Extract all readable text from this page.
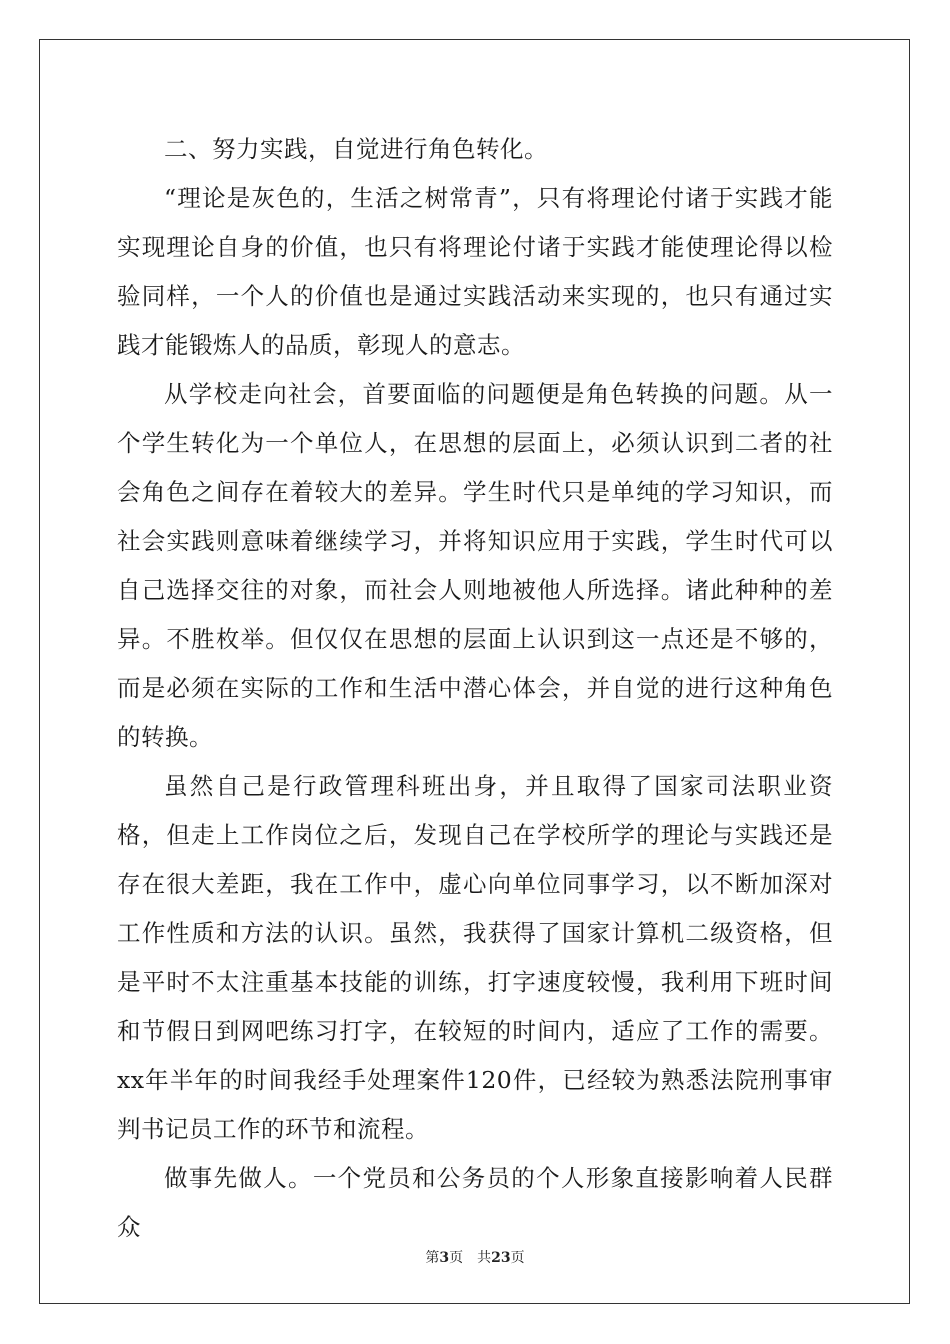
二、努力实践，自觉进行角色转化。

“理论是灰色的，生活之树常青”，只有将理论付诸于实践才能实现理论自身的价值，也只有将理论付诸于实践才能使理论得以检验同样，一个人的价值也是通过实践活动来实现的，也只有通过实践才能锻炼人的品质，彰现人的意志。

从学校走向社会，首要面临的问题便是角色转换的问题。从一个学生转化为一个单位人，在思想的层面上，必须认识到二者的社会角色之间存在着较大的差异。学生时代只是单纯的学习知识，而社会实践则意味着继续学习，并将知识应用于实践，学生时代可以自己选择交往的对象，而社会人则地被他人所选择。诸此种种的差异。不胜枚举。但仅仅在思想的层面上认识到这一点还是不够的，而是必须在实际的工作和生活中潜心体会，并自觉的进行这种角色的转换。

虽然自己是行政管理科班出身，并且取得了国家司法职业资格，但走上工作岗位之后，发现自己在学校所学的理论与实践还是存在很大差距，我在工作中，虚心向单位同事学习，以不断加深对工作性质和方法的认识。虽然，我获得了国家计算机二级资格，但是平时不太注重基本技能的训练，打字速度较慢，我利用下班时间和节假日到网吧练习打字，在较短的时间内，适应了工作的需要。xx年半年的时间我经手处理案件120件，已经较为熟悉法院刑事审判书记员工作的环节和流程。

做事先做人。一个党员和公务员的个人形象直接影响着人民群众

第3页 共23页
